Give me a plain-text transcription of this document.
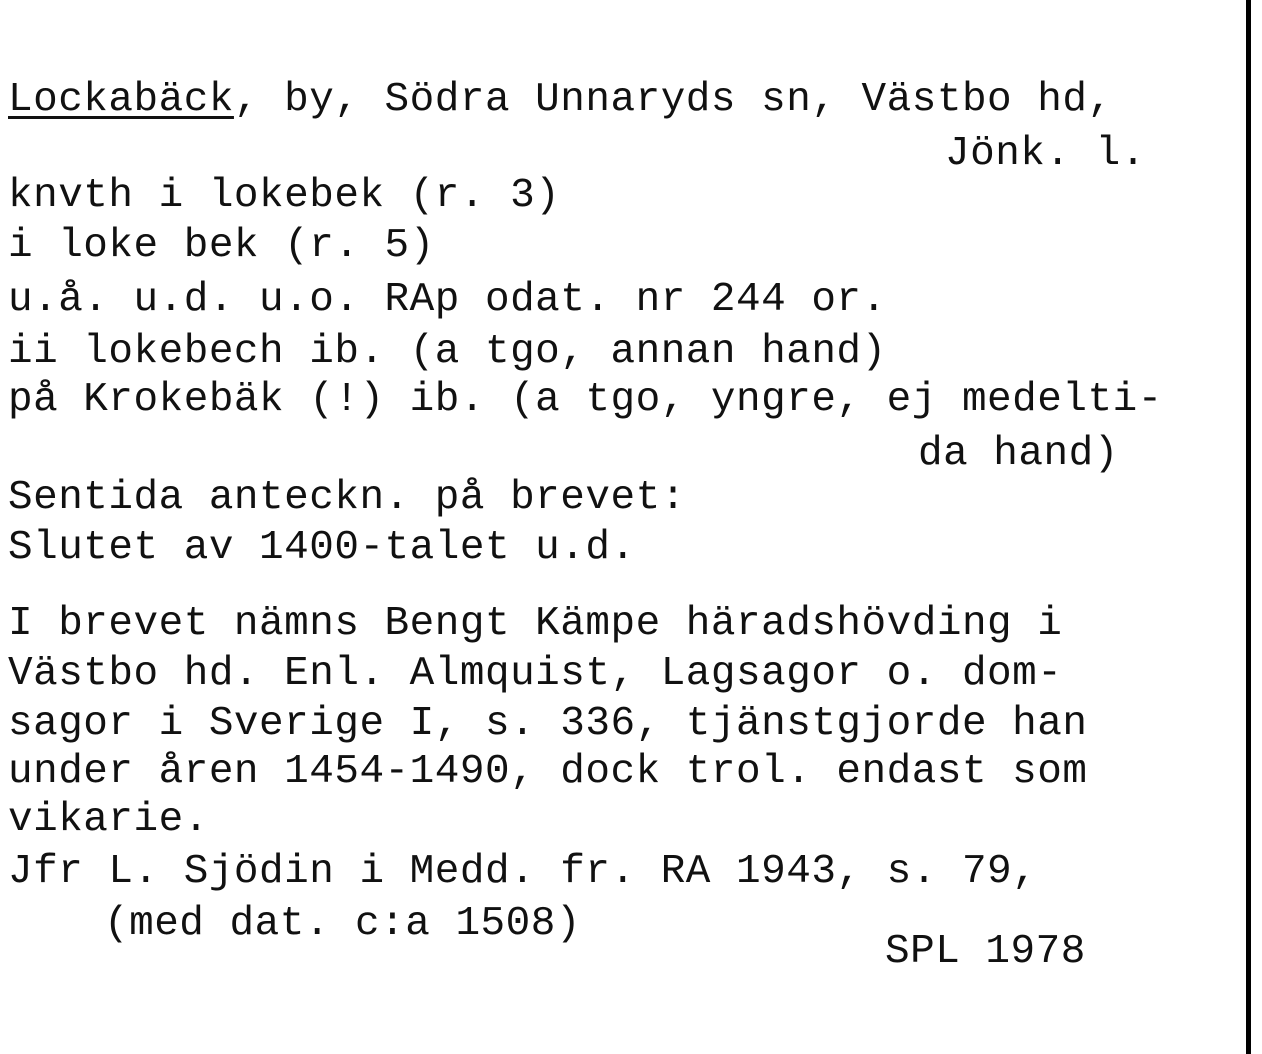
Lockabäck, by, Södra Unnaryds sn, Västbo hd,
Jönk. l.
knvth i lokebek (r. 3)
i loke bek (r. 5)
u.å. u.d. u.o. RAp odat. nr 244 or.
ii lokebech ib. (a tgo, annan hand)
på Krokebäk (!) ib. (a tgo, yngre, ej medelti-
da hand)
Sentida anteckn. på brevet:
Slutet av 1400-talet u.d.
I brevet nämns Bengt Kämpe häradshövding i
Västbo hd. Enl. Almquist, Lagsagor o. dom-
sagor i Sverige I, s. 336, tjänstgjorde han
under åren 1454-1490, dock trol. endast som
vikarie.
Jfr L. Sjödin i Medd. fr. RA 1943, s. 79,
(med dat. c:a 1508)
SPL 1978
